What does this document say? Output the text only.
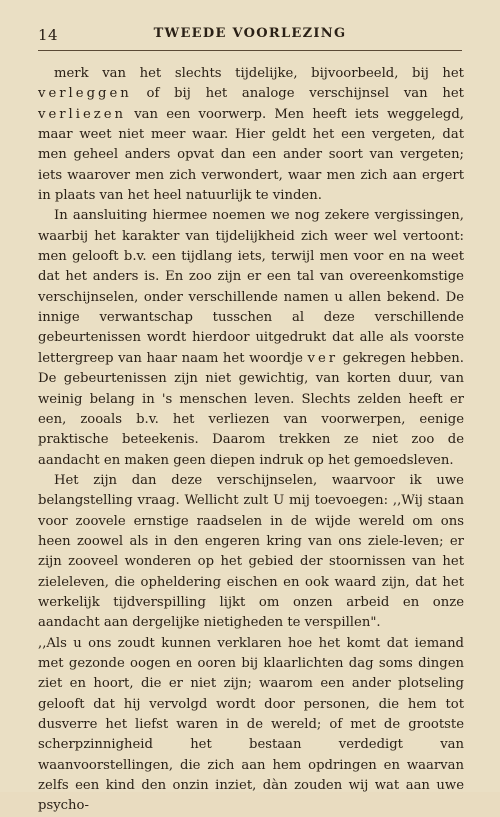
14	TWEEDE VOORLEZING

merk van het slechts tijdelijke, bijvoorbeeld, bij het verleggen of bij het analoge verschijnsel van het verliezen van een voorwerp. Men heeft iets weggelegd, maar weet niet meer waar. Hier geldt het een vergeten, dat men geheel anders opvat dan een ander soort van vergeten; iets waarover men zich verwondert, waar men zich aan ergert in plaats van het heel natuurlijk te vinden.

In aansluiting hiermee noemen we nog zekere vergissingen, waarbij het karakter van tijdelijkheid zich weer wel vertoont: men gelooft b.v. een tijdlang iets, terwijl men voor en na weet dat het anders is. En zoo zijn er een tal van overeenkomstige verschijnselen, onder verschillende namen u allen bekend. De innige verwantschap tusschen al deze verschillende gebeurtenissen wordt hierdoor uitgedrukt dat alle als voorste lettergreep van haar naam het woordje ver gekregen hebben. De gebeurtenissen zijn niet gewichtig, van korten duur, van weinig belang in 's menschen leven. Slechts zelden heeft er een, zooals b.v. het verliezen van voorwerpen, eenige praktische beteekenis. Daarom trekken ze niet zoo de aandacht en maken geen diepen indruk op het gemoedsleven.

Het zijn dan deze verschijnselen, waarvoor ik uwe belangstelling vraag. Wellicht zult U mij toevoegen: ,,Wij staan voor zoovele ernstige raadselen in de wijde wereld om ons heen zoowel als in den engeren kring van ons ziele-leven; er zijn zooveel wonderen op het gebied der stoornissen van het zieleleven, die opheldering eischen en ook waard zijn, dat het werkelijk tijdverspilling lijkt om onzen arbeid en onze aandacht aan dergelijke nietigheden te verspillen".

,,Als u ons zoudt kunnen verklaren hoe het komt dat iemand met gezonde oogen en ooren bij klaarlichten dag soms dingen ziet en hoort, die er niet zijn; waarom een ander plotseling gelooft dat hij vervolgd wordt door personen, die hem tot dusverre het liefst waren in de wereld; of met de grootste scherpzinnigheid het bestaan verdedigt van waanvoorstellingen, die zich aan hem opdringen en waarvan zelfs een kind den onzin inziet, dàn zouden wij wat aan uwe psycho-
